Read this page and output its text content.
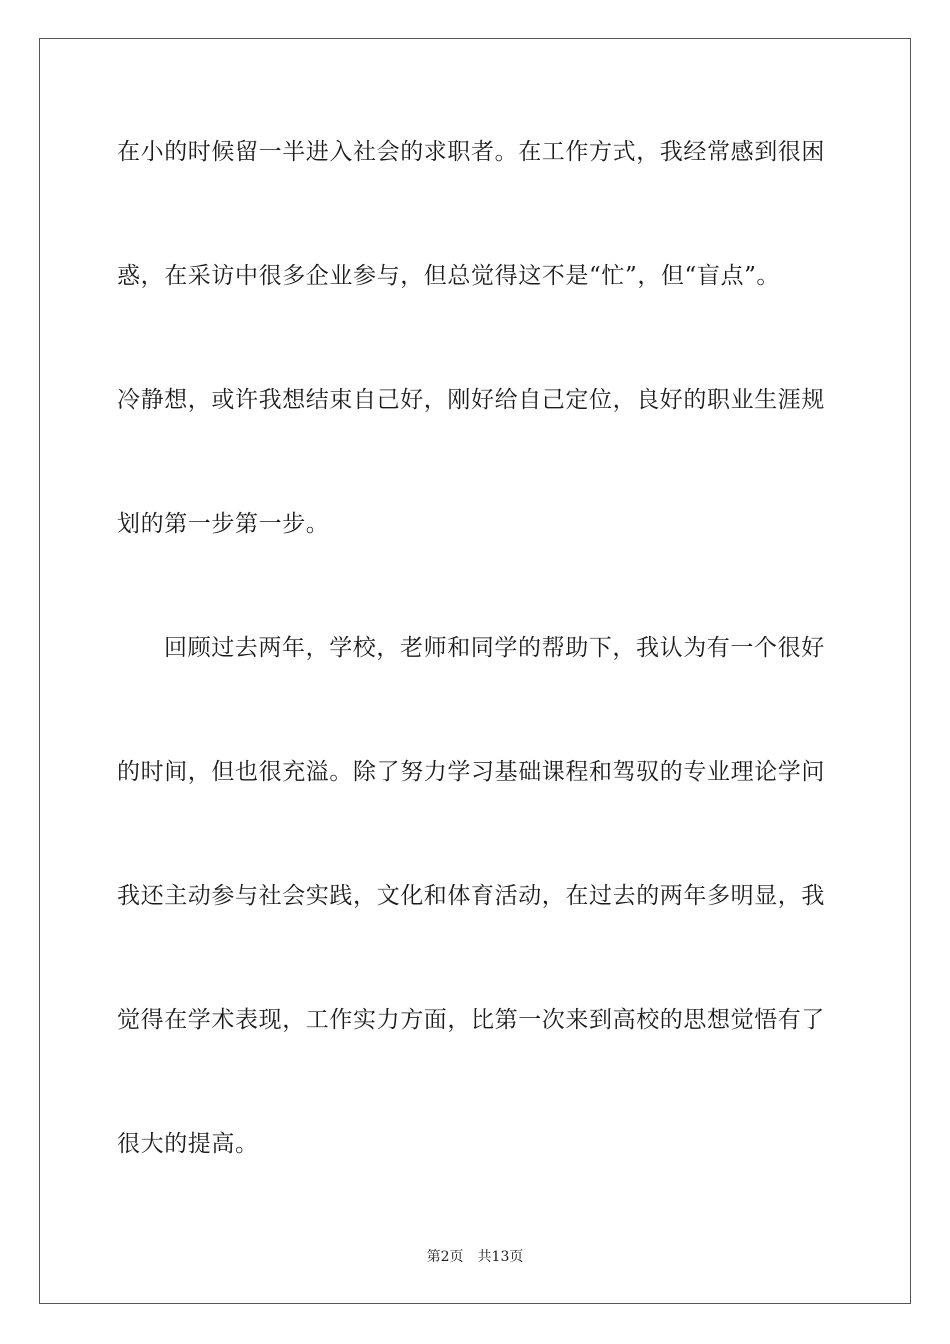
在小的时候留一半进入社会的求职者。在工作方式，我经常感到很困
惑，在采访中很多企业参与，但总觉得这不是“忙”，但“盲点”。
冷静想，或许我想结束自己好，刚好给自己定位，良好的职业生涯规
划的第一步第一步。
回顾过去两年，学校，老师和同学的帮助下，我认为有一个很好
的时间，但也很充溢。除了努力学习基础课程和驾驭的专业理论学问
我还主动参与社会实践，文化和体育活动，在过去的两年多明显，我
觉得在学术表现，工作实力方面，比第一次来到高校的思想觉悟有了
很大的提高。
第2页 共13页
